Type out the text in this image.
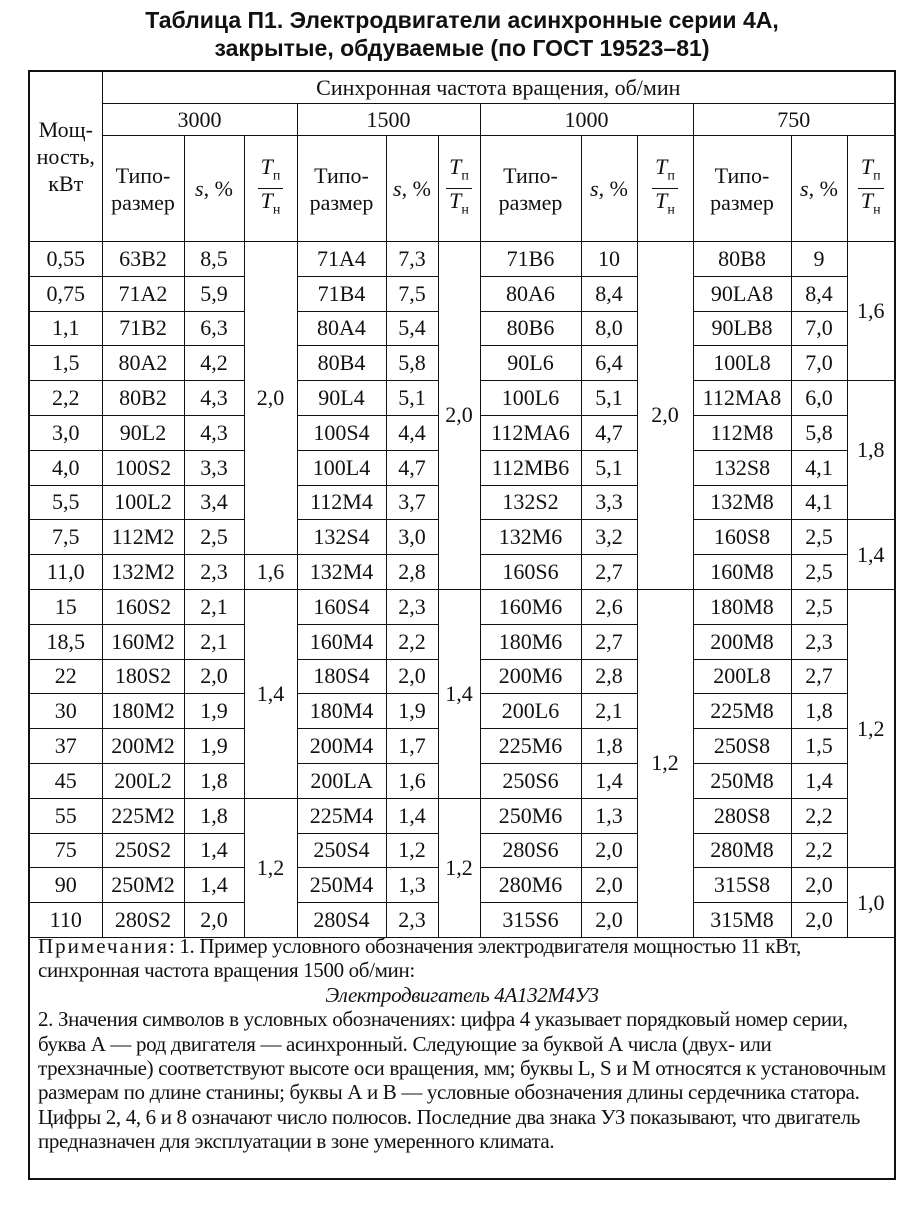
Таблица П1. Электродвигатели асинхронные серии 4А,
закрытые, обдуваемые (по ГОСТ 19523–81)
Мощ-ность, кВт	Синхронная частота вращения, об/мин											
	3000			1500			1000			750		
	Типо-размер	s, %	$\frac{T_п}{T_н}$	Типо-размер	s, %	$\frac{T_п}{T_н}$	Типо-размер	s, %	$\frac{T_п}{T_н}$	Типо-размер	s, %	$\frac{T_п}{T_н}$

0,55	63B2	8,5	2,0	71A4	7,3	2,0	71B6	10	2,0	80B8	9	1,6
0,75	71A2	5,9		71B4	7,5		80A6	8,4		90LA8	8,4	
1,1	71B2	6,3		80A4	5,4		80B6	8,0		90LB8	7,0	
1,5	80A2	4,2		80B4	5,8		90L6	6,4		100L8	7,0	
2,2	80B2	4,3		90L4	5,1		100L6	5,1		112MA8	6,0	1,8
3,0	90L2	4,3		100S4	4,4		112MA6	4,7		112M8	5,8	
4,0	100S2	3,3		100L4	4,7		112MB6	5,1		132S8	4,1	
5,5	100L2	3,4		112M4	3,7		132S2	3,3		132M8	4,1	
7,5	112M2	2,5		132S4	3,0		132M6	3,2		160S8	2,5	1,4
11,0	132M2	2,3	1,6	132M4	2,8		160S6	2,7		160M8	2,5	
15	160S2	2,1	1,4	160S4	2,3	1,4	160M6	2,6	1,2	180M8	2,5	1,2
18,5	160M2	2,1		160M4	2,2		180M6	2,7		200M8	2,3	
22	180S2	2,0		180S4	2,0		200M6	2,8		200L8	2,7	
30	180M2	1,9		180M4	1,9		200L6	2,1		225M8	1,8	
37	200M2	1,9		200M4	1,7		225M6	1,8		250S8	1,5	
45	200L2	1,8		200LA	1,6		250S6	1,4		250M8	1,4	
55	225M2	1,8	1,2	225M4	1,4	1,2	250M6	1,3		280S8	2,2	
75	250S2	1,4		250S4	1,2		280S6	2,0		280M8	2,2	
90	250M2	1,4		250M4	1,3		280M6	2,0		315S8	2,0	1,0
110	280S2	2,0		280S4	2,3		315S6	2,0		315M8	2,0	

Примечания: 1. Пример условного обозначения электродвигателя мощностью 11 кВт, синхронная частота вращения 1500 об/мин:

Электродвигатель 4А132М4У3

2. Значения символов в условных обозначениях: цифра 4 указывает порядковый номер серии, буква А — род двигателя — асинхронный. Следующие за буквой А числа (двух- или трехзначные) соответствуют высоте оси вращения, мм; буквы L, S и M относятся к установочным размерам по длине станины; буквы А и В — условные обозначения длины сердечника статора. Цифры 2, 4, 6 и 8 означают число полюсов. Последние два знака УЗ показывают, что двигатель предназначен для эксплуатации в зоне умеренного климата.
